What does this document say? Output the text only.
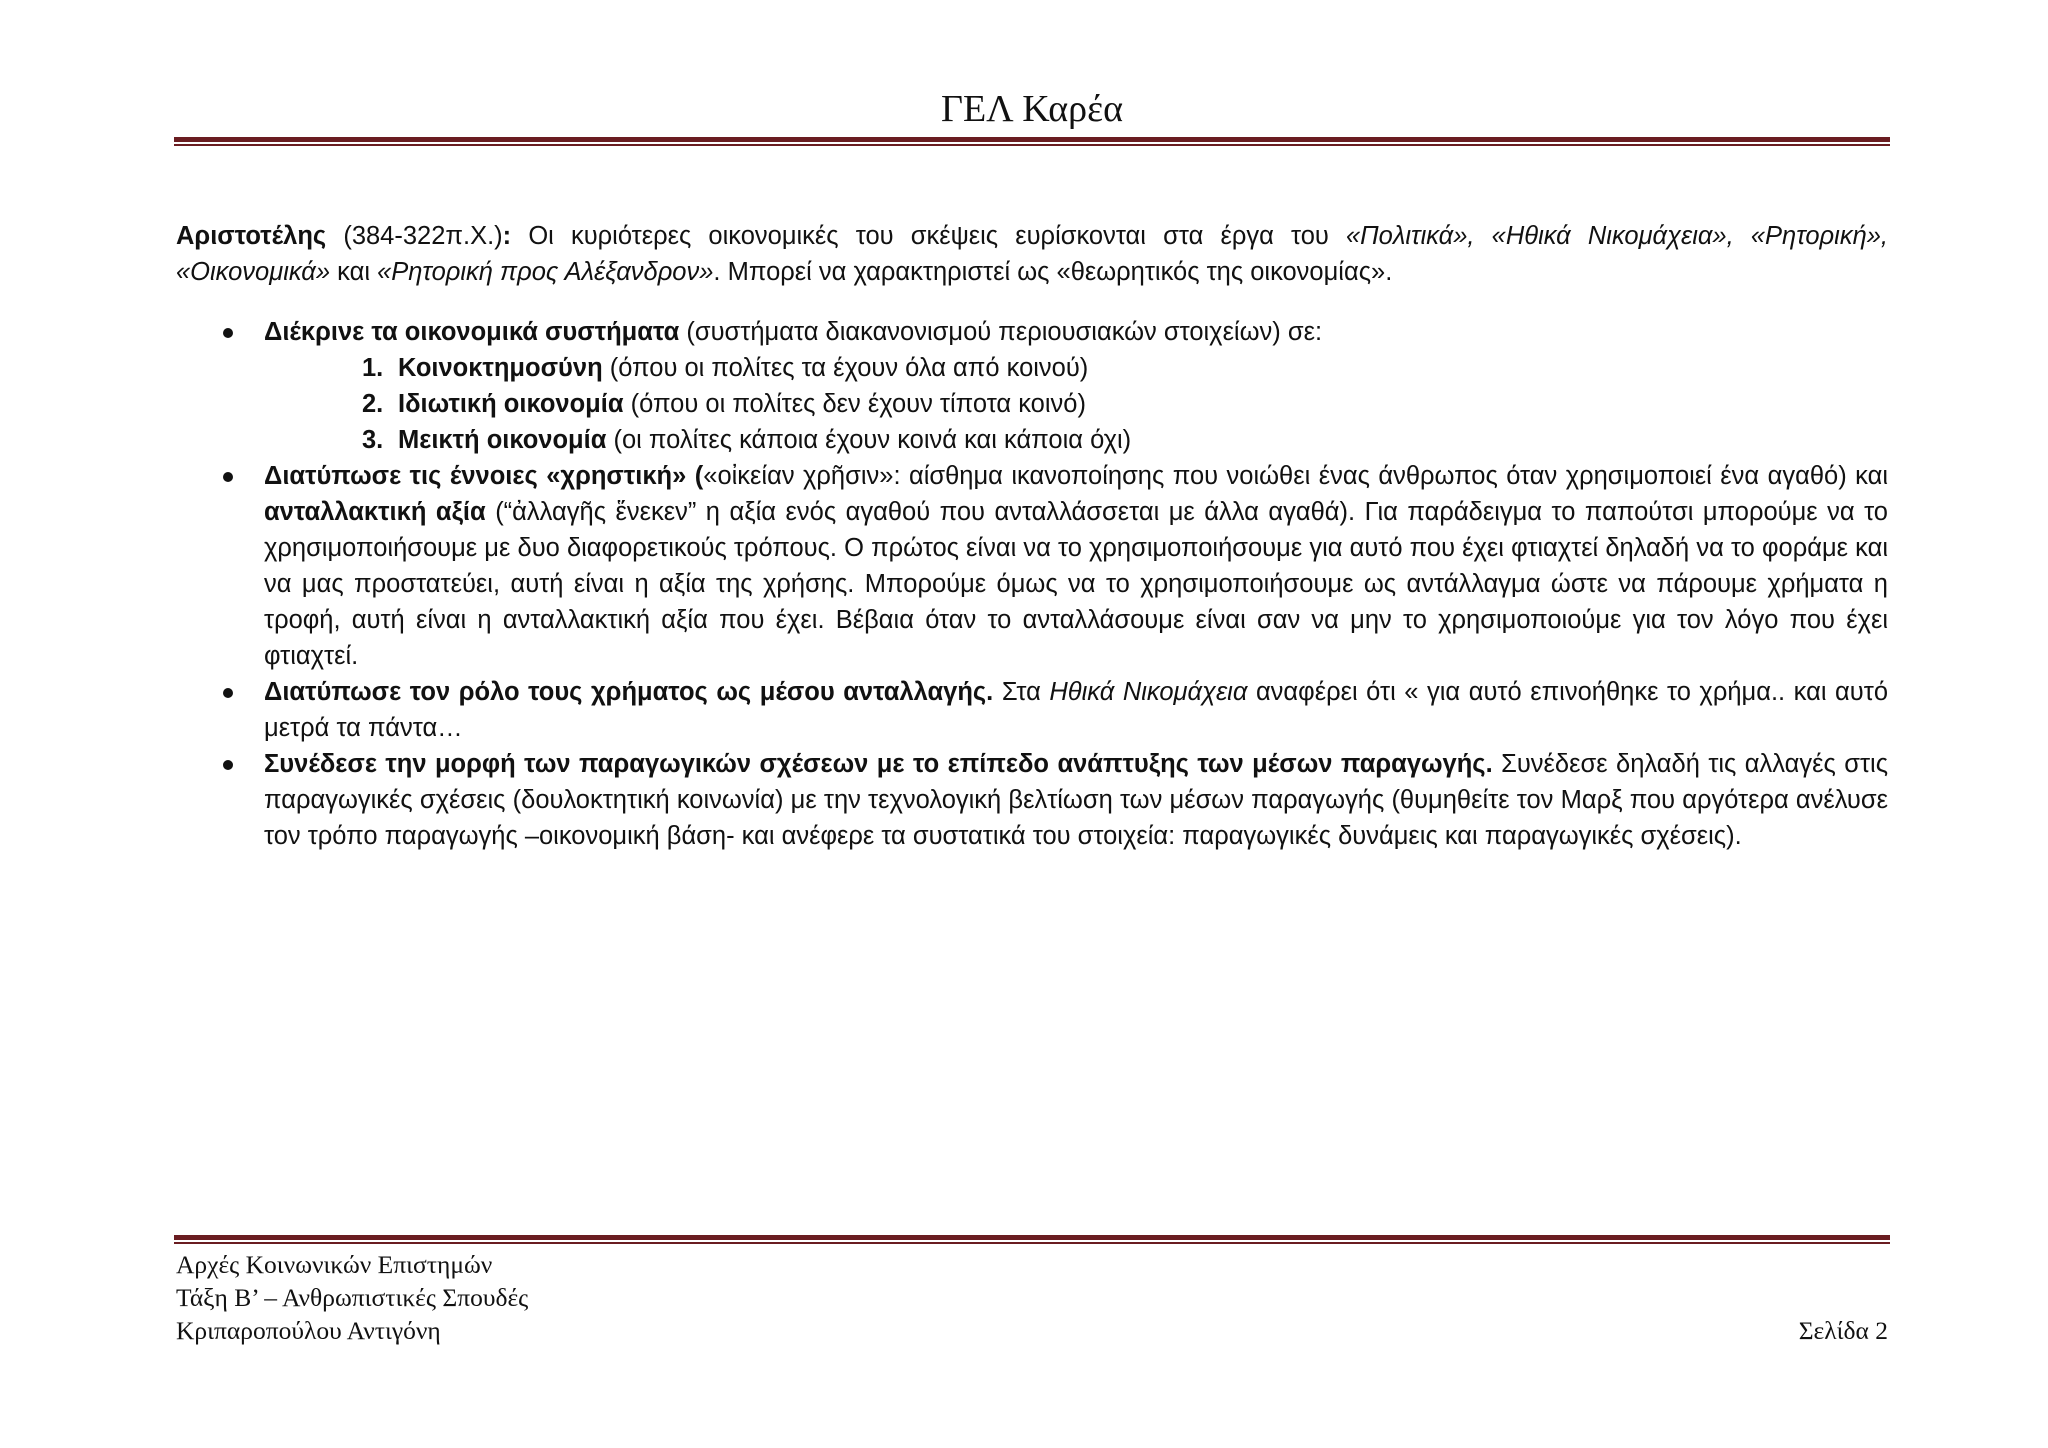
ΓΕΛ Καρέα

Αριστοτέλης (384-322π.Χ.): Οι κυριότερες οικονομικές του σκέψεις ευρίσκονται στα έργα του «Πολιτικά», «Ηθικά Νικομάχεια», «Ρητορική», «Οικονομικά» και «Ρητορική προς Αλέξανδρον». Μπορεί να χαρακτηριστεί ως «θεωρητικός της οικονομίας».

Διέκρινε τα οικονομικά συστήματα (συστήματα διακανονισμού περιουσιακών στοιχείων) σε:
1. Κοινοκτημοσύνη (όπου οι πολίτες τα έχουν όλα από κοινού)
2. Ιδιωτική οικονομία (όπου οι πολίτες δεν έχουν τίποτα κοινό)
3. Μεικτή οικονομία (οι πολίτες κάποια έχουν κοινά και κάποια όχι)
Διατύπωσε τις έννοιες «χρηστική» («οἰκείαν χρῆσιν»: αίσθημα ικανοποίησης που νοιώθει ένας άνθρωπος όταν χρησιμοποιεί ένα αγαθό) και ανταλλακτική αξία (“ἀλλαγῆς ἕνεκεν” η αξία ενός αγαθού που ανταλλάσσεται με άλλα αγαθά). Για παράδειγμα το παπούτσι μπορούμε να το χρησιμοποιήσουμε με δυο διαφορετικούς τρόπους. Ο πρώτος είναι να το χρησιμοποιήσουμε για αυτό που έχει φτιαχτεί δηλαδή να το φοράμε και να μας προστατεύει, αυτή είναι η αξία της χρήσης. Μπορούμε όμως να το χρησιμοποιήσουμε ως αντάλλαγμα ώστε να πάρουμε χρήματα η τροφή, αυτή είναι η ανταλλακτική αξία που έχει. Βέβαια όταν το ανταλλάσουμε είναι σαν να μην το χρησιμοποιούμε για τον λόγο που έχει φτιαχτεί.
Διατύπωσε τον ρόλο τους χρήματος ως μέσου ανταλλαγής. Στα Ηθικά Νικομάχεια αναφέρει ότι « για αυτό επινοήθηκε το χρήμα.. και αυτό μετρά τα πάντα…
Συνέδεσε την μορφή των παραγωγικών σχέσεων με το επίπεδο ανάπτυξης των μέσων παραγωγής. Συνέδεσε δηλαδή τις αλλαγές στις παραγωγικές σχέσεις (δουλοκτητική κοινωνία) με την τεχνολογική βελτίωση των μέσων παραγωγής (θυμηθείτε τον Μαρξ που αργότερα ανέλυσε τον τρόπο παραγωγής –οικονομική βάση- και ανέφερε τα συστατικά του στοιχεία: παραγωγικές δυνάμεις και παραγωγικές σχέσεις).
Αρχές Κοινωνικών Επιστημών
Τάξη Β’ – Ανθρωπιστικές Σπουδές
Κριπαροπούλου Αντιγόνη	Σελίδα 2
